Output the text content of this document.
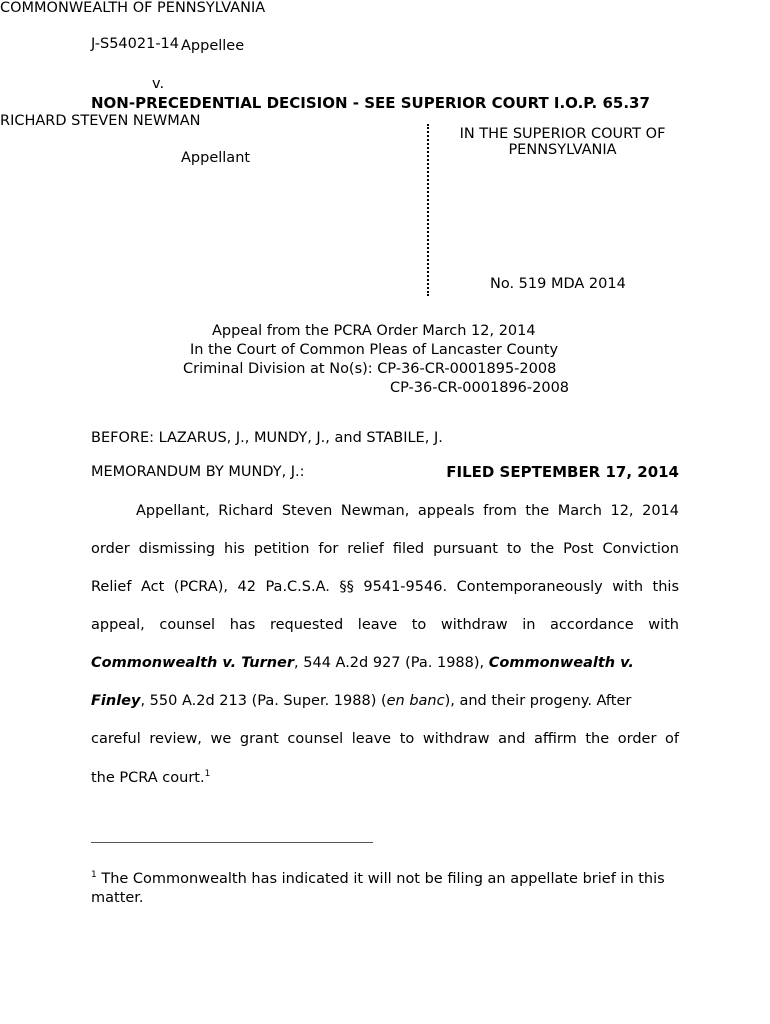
J-S54021-14
NON-PRECEDENTIAL DECISION - SEE SUPERIOR COURT I.O.P. 65.37
COMMONWEALTH OF PENNSYLVANIA
Appellee
v.
RICHARD STEVEN NEWMAN
Appellant
IN THE SUPERIOR COURT OF
PENNSYLVANIA
No. 519 MDA 2014
Appeal from the PCRA Order March 12, 2014
In the Court of Common Pleas of Lancaster County
Criminal Division at No(s): CP-36-CR-0001895-2008
CP-36-CR-0001896-2008
BEFORE: LAZARUS, J., MUNDY, J., and STABILE, J.
MEMORANDUM BY MUNDY, J.:	FILED SEPTEMBER 17, 2014
Appellant, Richard Steven Newman, appeals from the March 12, 2014
order dismissing his petition for relief filed pursuant to the Post Conviction
Relief Act (PCRA), 42 Pa.C.S.A. §§ 9541-9546. Contemporaneously with this
appeal, counsel has requested leave to withdraw in accordance with
Commonwealth v. Turner, 544 A.2d 927 (Pa. 1988), Commonwealth v.
Finley, 550 A.2d 213 (Pa. Super. 1988) (en banc), and their progeny. After
careful review, we grant counsel leave to withdraw and affirm the order of
the PCRA court.$^1$
$^1$ The Commonwealth has indicated it will not be filing an appellate brief in this matter.
